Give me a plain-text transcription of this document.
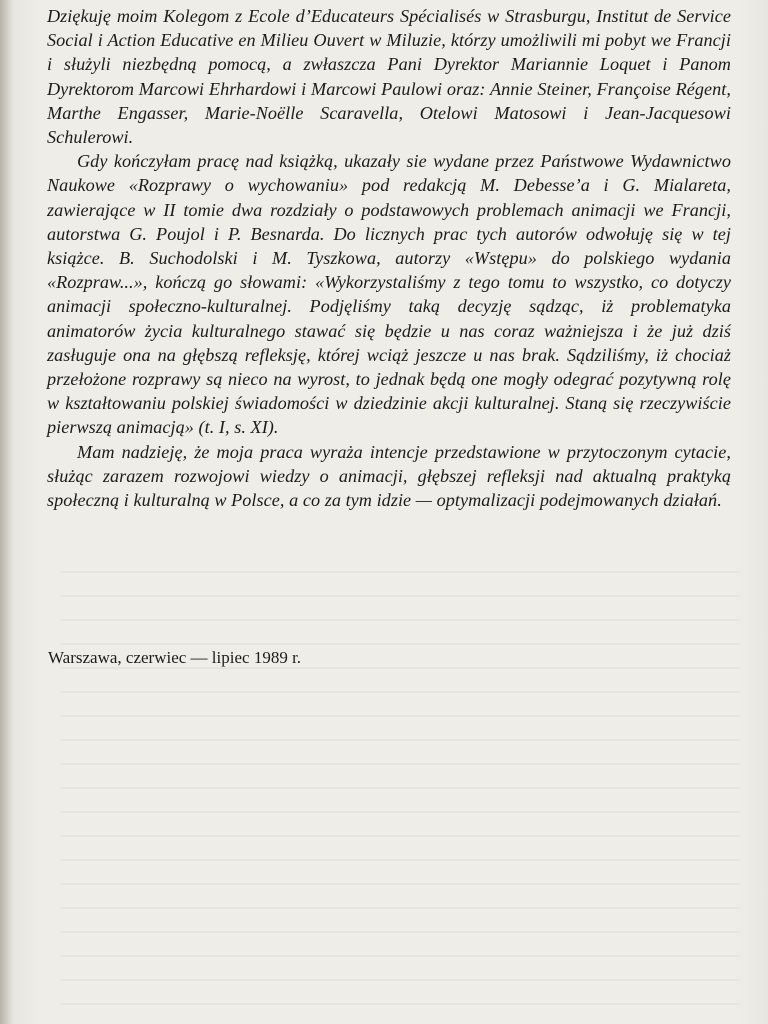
Dziękuję moim Kolegom z Ecole d’Educateurs Spécialisés w Strasburgu, Institut de Service Social i Action Educative en Milieu Ouvert w Miluzie, którzy umożliwili mi pobyt we Francji i służyli niezbędną pomocą, a zwłaszcza Pani Dyrektor Mariannie Loquet i Panom Dyrektorom Marcowi Ehrhardowi i Marcowi Paulowi oraz: Annie Steiner, Françoise Régent, Marthe Engasser, Marie-Noëlle Scaravella, Otelowi Matosowi i Jean-Jacquesowi Schulerowi.

Gdy kończyłam pracę nad książką, ukazały sie wydane przez Państwowe Wydawnictwo Naukowe «Rozprawy o wychowaniu» pod redakcją M. Debesse’a i G. Mialareta, zawierające w II tomie dwa rozdziały o podstawowych problemach animacji we Francji, autorstwa G. Poujol i P. Besnarda. Do licznych prac tych autorów odwołuję się w tej książce. B. Suchodolski i M. Tyszkowa, autorzy «Wstępu» do polskiego wydania «Rozpraw...», kończą go słowami: «Wykorzystaliśmy z tego tomu to wszystko, co dotyczy animacji społeczno-kulturalnej. Podjęliśmy taką decyzję sądząc, iż problematyka animatorów życia kulturalnego stawać się będzie u nas coraz ważniejsza i że już dziś zasługuje ona na głębszą refleksję, której wciąż jeszcze u nas brak. Sądziliśmy, iż chociaż przełożone rozprawy są nieco na wyrost, to jednak będą one mogły odegrać pozytywną rolę w kształtowaniu polskiej świadomości w dziedzinie akcji kulturalnej. Staną się rzeczywiście pierwszą animacją» (t. I, s. XI).

Mam nadzieję, że moja praca wyraża intencje przedstawione w przytoczonym cytacie, służąc zarazem rozwojowi wiedzy o animacji, głębszej refleksji nad aktualną praktyką społeczną i kulturalną w Polsce, a co za tym idzie — optymalizacji podejmowanych działań.

Warszawa, czerwiec — lipiec 1989 r.
